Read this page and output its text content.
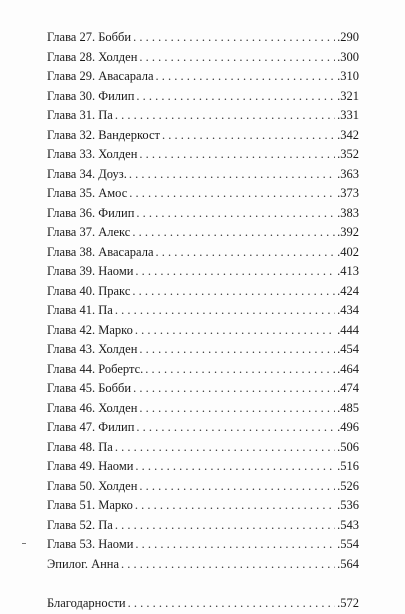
Глава 27. Бобби . . .	.290
Глава 28. Холден . . .	.300
Глава 29. Авасарала . . .	.310
Глава 30. Филип . . .	.321
Глава 31. Па . . .	.331
Глава 32. Вандеркост . . .	.342
Глава 33. Холден . . .	.352
Глава 34. Доуз. . . .	.363
Глава 35. Амос . . .	.373
Глава 36. Филип . . .	.383
Глава 37. Алекс . . .	.392
Глава 38. Авасарала . . .	.402
Глава 39. Наоми . . .	.413
Глава 40. Пракс . . .	.424
Глава 41. Па . . .	.434
Глава 42. Марко . . .	.444
Глава 43. Холден . . .	.454
Глава 44. Робертс. . . .	.464
Глава 45. Бобби . . .	.474
Глава 46. Холден . . .	.485
Глава 47. Филип . . .	.496
Глава 48. Па . . .	.506
Глава 49. Наоми . . .	.516
Глава 50. Холден . . .	.526
Глава 51. Марко . . .	.536
Глава 52. Па . . .	.543
Глава 53. Наоми . . .	.554
Эпилог. Анна . . .	.564
Благодарности . . .	.572
